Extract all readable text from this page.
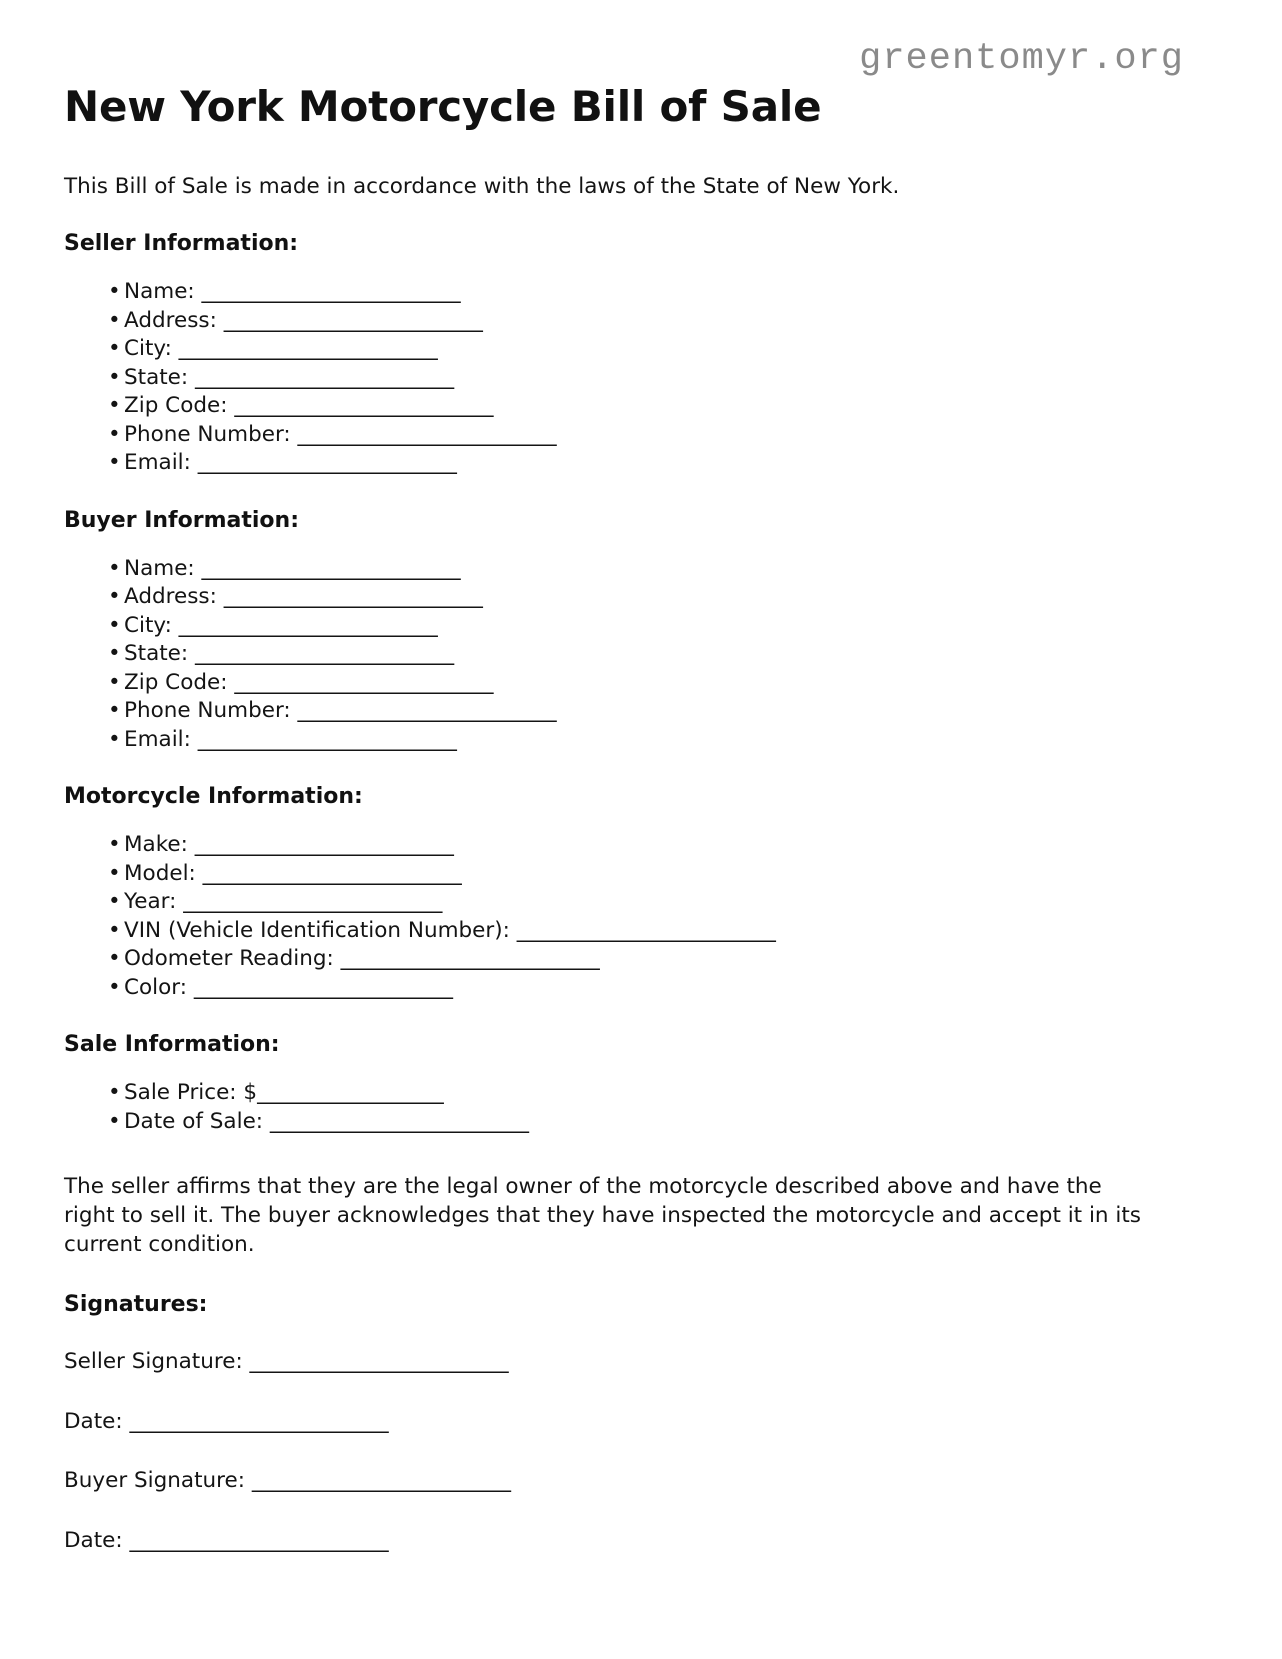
greentomyr.org
New York Motorcycle Bill of Sale

This Bill of Sale is made in accordance with the laws of the State of New York.

Seller Information:
• Name: _________________________
• Address: _________________________
• City: _________________________
• State: _________________________
• Zip Code: _________________________
• Phone Number: _________________________
• Email: _________________________
Buyer Information:
• Name: _________________________
• Address: _________________________
• City: _________________________
• State: _________________________
• Zip Code: _________________________
• Phone Number: _________________________
• Email: _________________________
Motorcycle Information:
• Make: _________________________
• Model: _________________________
• Year: _________________________
• VIN (Vehicle Identification Number): _________________________
• Odometer Reading: _________________________
• Color: _________________________
Sale Information:
• Sale Price: $__________________
• Date of Sale: _________________________

The seller affirms that they are the legal owner of the motorcycle described above and have the right to sell it. The buyer acknowledges that they have inspected the motorcycle and accept it in its current condition.

Signatures:

Seller Signature: _________________________

Date: _________________________

Buyer Signature: _________________________

Date: _________________________
